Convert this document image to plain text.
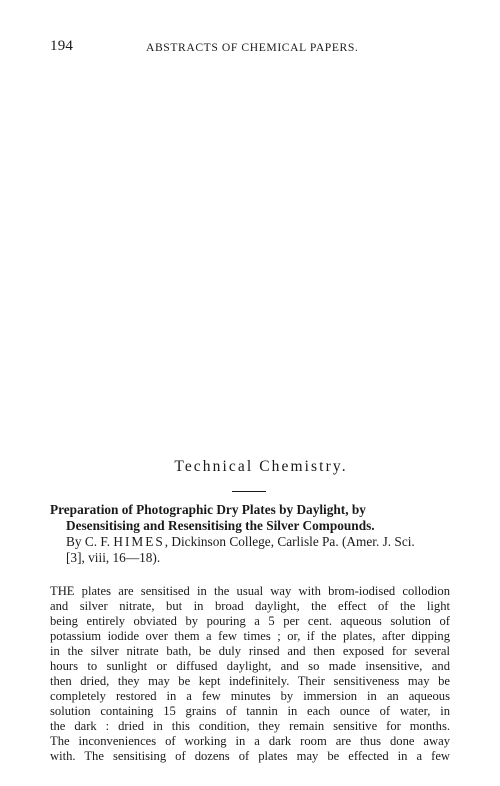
194	ABSTRACTS OF CHEMICAL PAPERS.
Technical Chemistry.
Preparation of Photographic Dry Plates by Daylight, by
Desensitising and Resensitising the Silver Compounds.
By C. F. HIMES, Dickinson College, Carlisle Pa. (Amer. J. Sci.
[3], viii, 16—18).
THE plates are sensitised in the usual way with brom-iodised collodion
and silver nitrate, but in broad daylight, the effect of the light
being entirely obviated by pouring a 5 per cent. aqueous solution of
potassium iodide over them a few times ; or, if the plates, after dipping
in the silver nitrate bath, be duly rinsed and then exposed for several
hours to sunlight or diffused daylight, and so made insensitive, and
then dried, they may be kept indefinitely. Their sensitiveness may be
completely restored in a few minutes by immersion in an aqueous
solution containing 15 grains of tannin in each ounce of water, in
the dark : dried in this condition, they remain sensitive for months.
The inconveniences of working in a dark room are thus done away
with. The sensitising of dozens of plates may be effected in a few
